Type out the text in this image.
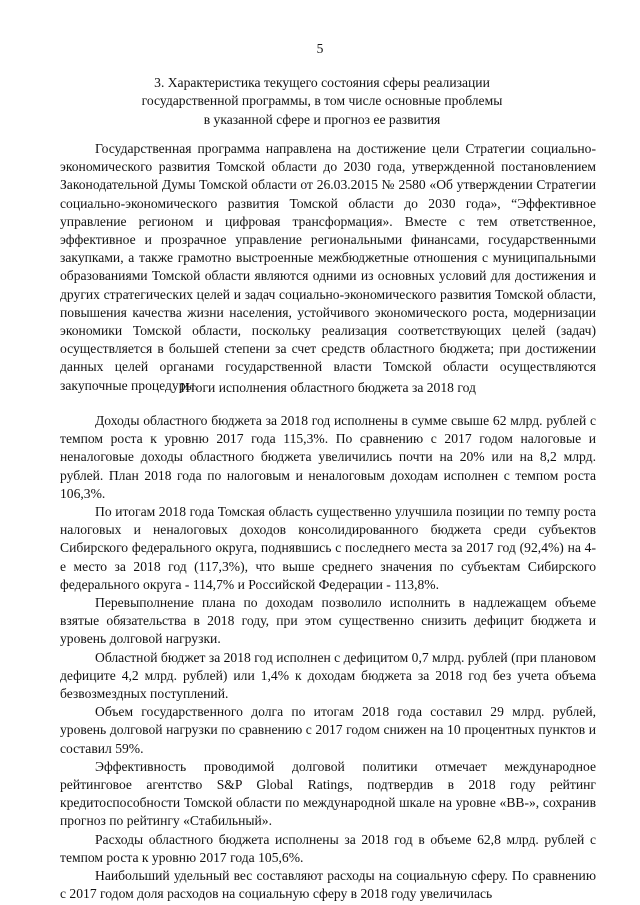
5
3. Характеристика текущего состояния сферы реализации
государственной программы, в том числе основные проблемы
в указанной сфере и прогноз ее развития

Государственная программа направлена на достижение цели Стратегии социально-экономического развития Томской области до 2030 года, утвержденной постановлением Законодательной Думы Томской области от 26.03.2015 № 2580 «Об утверждении Стратегии социально-экономического развития Томской области до 2030 года», “Эффективное управление регионом и цифровая трансформация». Вместе с тем ответственное, эффективное и прозрачное управление региональными финансами, государственными закупками, а также грамотно выстроенные межбюджетные отношения с муниципальными образованиями Томской области являются одними из основных условий для достижения и других стратегических целей и задач социально-экономического развития Томской области, повышения качества жизни населения, устойчивого экономического роста, модернизации экономики Томской области, поскольку реализация соответствующих целей (задач) осуществляется в большей степени за счет средств областного бюджета; при достижении данных целей органами государственной власти Томской области осуществляются закупочные процедуры.

Итоги исполнения областного бюджета за 2018 год

Доходы областного бюджета за 2018 год исполнены в сумме свыше 62 млрд. рублей с темпом роста к уровню 2017 года 115,3%. По сравнению с 2017 годом налоговые и неналоговые доходы областного бюджета увеличились почти на 20% или на 8,2 млрд. рублей. План 2018 года по налоговым и неналоговым доходам исполнен с темпом роста 106,3%.

По итогам 2018 года Томская область существенно улучшила позиции по темпу роста налоговых и неналоговых доходов консолидированного бюджета среди субъектов Сибирского федерального округа, поднявшись с последнего места за 2017 год (92,4%) на 4-е место за 2018 год (117,3%), что выше среднего значения по субъектам Сибирского федерального округа - 114,7% и Российской Федерации - 113,8%.

Перевыполнение плана по доходам позволило исполнить в надлежащем объеме взятые обязательства в 2018 году, при этом существенно снизить дефицит бюджета и уровень долговой нагрузки.

Областной бюджет за 2018 год исполнен с дефицитом 0,7 млрд. рублей (при плановом дефиците 4,2 млрд. рублей) или 1,4% к доходам бюджета за 2018 год без учета объема безвозмездных поступлений.

Объем государственного долга по итогам 2018 года составил 29 млрд. рублей, уровень долговой нагрузки по сравнению с 2017 годом снижен на 10 процентных пунктов и составил 59%.

Эффективность проводимой долговой политики отмечает международное рейтинговое агентство S&P Global Ratings, подтвердив в 2018 году рейтинг кредитоспособности Томской области по международной шкале на уровне «BB-», сохранив прогноз по рейтингу «Стабильный».

Расходы областного бюджета исполнены за 2018 год в объеме 62,8 млрд. рублей с темпом роста к уровню 2017 года 105,6%.

Наибольший удельный вес составляют расходы на социальную сферу. По сравнению с 2017 годом доля расходов на социальную сферу в 2018 году увеличилась
